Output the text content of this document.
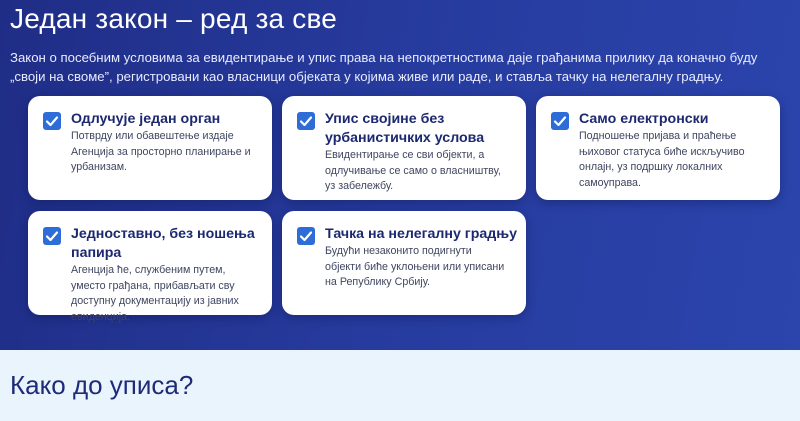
Један закон – ред за све

Закон о посебним условима за евидентирање и упис права на непокретностима даје грађанима прилику да коначно буду „своји на своме”, регистровани као власници објеката у којима живе или раде, и ставља тачку на нелегалну градњу.

Одлучује један орган
Потврду или обавештење издаје Агенција за просторно планирање и урбанизам.
Упис својине без урбанистичких услова
Евидентирање се сви објекти, а одлучивање се само о власништву, уз забележбу.
Само електронски
Подношење пријава и праћење њиховог статуса биће искључиво онлајн, уз подршку локалних самоуправа.
Једноставно, без ношења папира
Агенција ће, службеним путем, уместо грађана, прибављати сву доступну документацију из јавних евиденција.
Тачка на нелегалну градњу
Будући незаконито подигнути објекти биће уклоњени или уписани на Републику Србију.
Како до уписа?
